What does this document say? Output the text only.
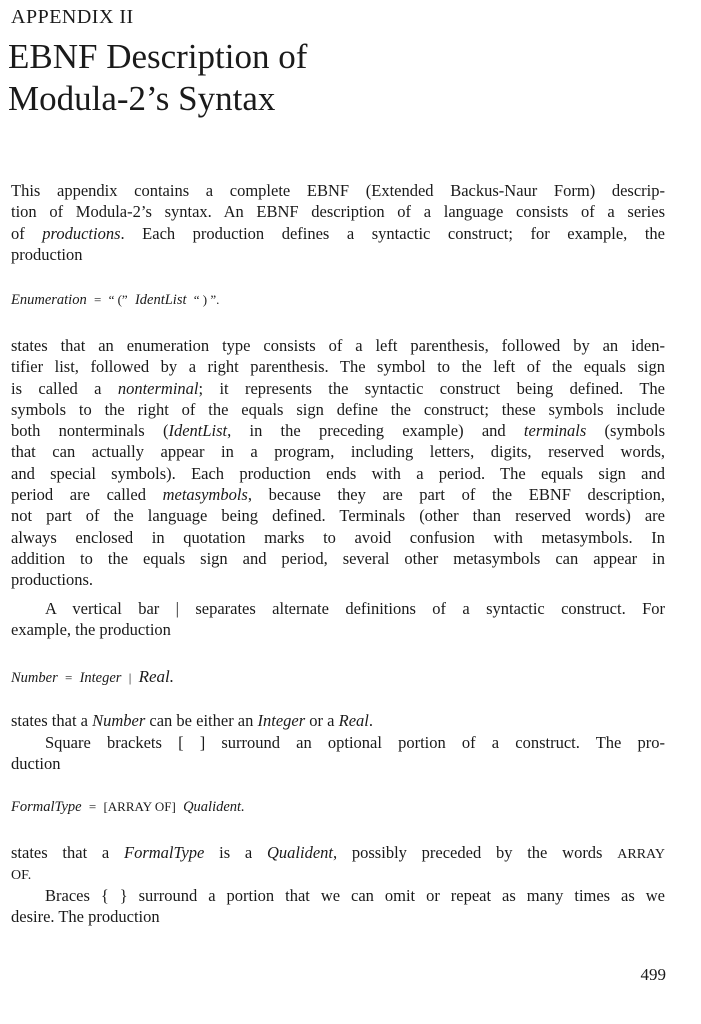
APPENDIX II
EBNF Description of
Modula-2’s Syntax
This appendix contains a complete EBNF (Extended Backus-Naur Form) descrip-
tion of Modula-2’s syntax. An EBNF description of a language consists of a series
of productions. Each production defines a syntactic construct; for example, the
production
Enumeration = “ (” IdentList “ ) ”.
states that an enumeration type consists of a left parenthesis, followed by an iden-
tifier list, followed by a right parenthesis. The symbol to the left of the equals sign
is called a nonterminal; it represents the syntactic construct being defined. The
symbols to the right of the equals sign define the construct; these symbols include
both nonterminals (IdentList, in the preceding example) and terminals (symbols
that can actually appear in a program, including letters, digits, reserved words,
and special symbols). Each production ends with a period. The equals sign and
period are called metasymbols, because they are part of the EBNF description,
not part of the language being defined. Terminals (other than reserved words) are
always enclosed in quotation marks to avoid confusion with metasymbols. In
addition to the equals sign and period, several other metasymbols can appear in
productions.
A vertical bar | separates alternate definitions of a syntactic construct. For
example, the production
Number = Integer | Real.
states that a Number can be either an Integer or a Real.
Square brackets [ ] surround an optional portion of a construct. The pro-
duction
FormalType = [ARRAY OF] Qualident.
states that a FormalType is a Qualident, possibly preceded by the words ARRAY
OF.
Braces { } surround a portion that we can omit or repeat as many times as we
desire. The production
499
